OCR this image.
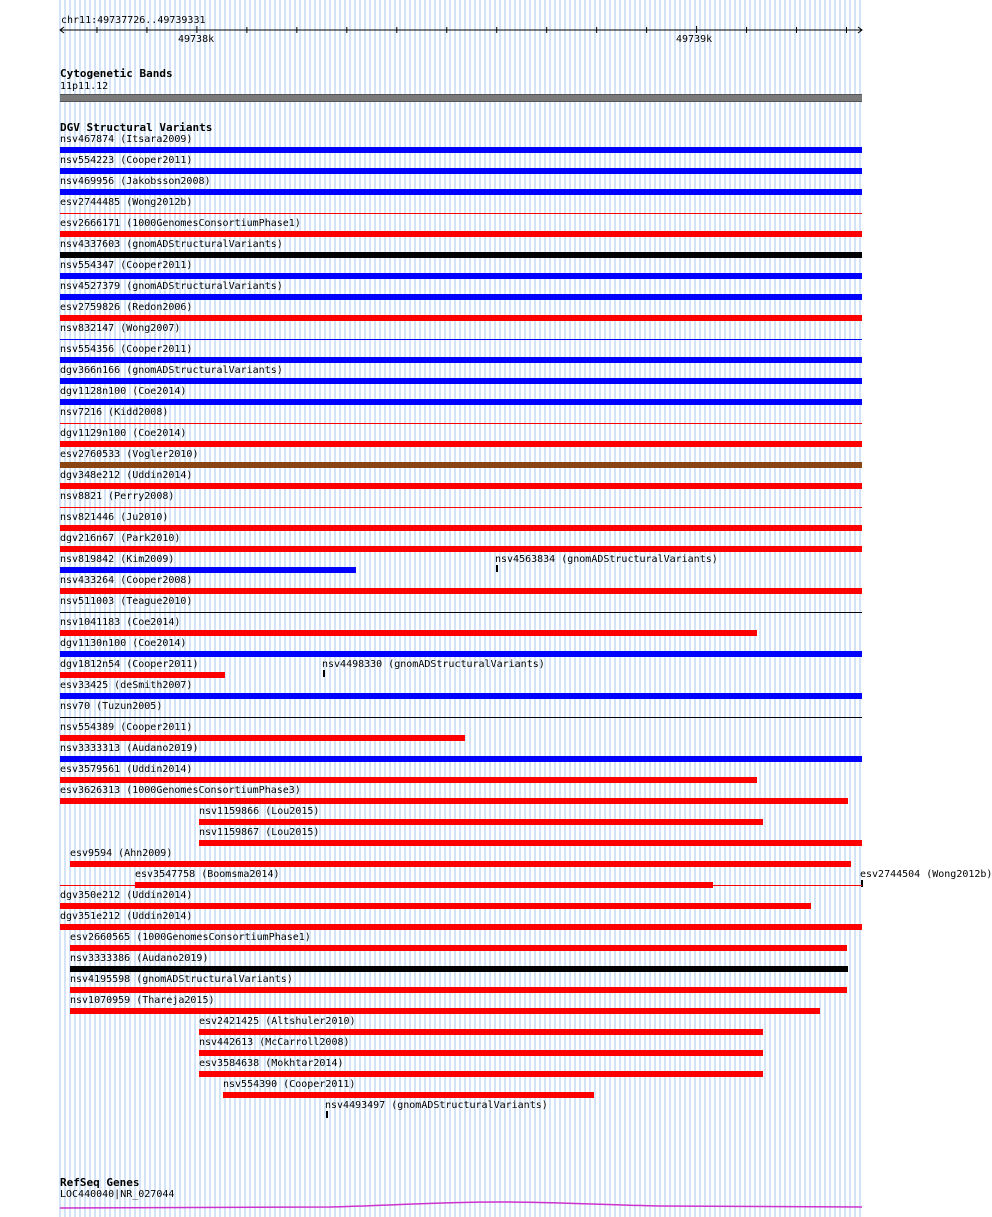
chr11:49737726..49739331
49738k	49739k
Cytogenetic Bands
11p11.12
DGV Structural Variants
nsv467874 (Itsara2009)
nsv554223 (Cooper2011)
nsv469956 (Jakobsson2008)
esv2744485 (Wong2012b)
esv2666171 (1000GenomesConsortiumPhase1)
nsv4337603 (gnomADStructuralVariants)
nsv554347 (Cooper2011)
nsv4527379 (gnomADStructuralVariants)
esv2759826 (Redon2006)
nsv832147 (Wong2007)
nsv554356 (Cooper2011)
dgv366n166 (gnomADStructuralVariants)
dgv1128n100 (Coe2014)
nsv7216 (Kidd2008)
dgv1129n100 (Coe2014)
esv2760533 (Vogler2010)
dgv348e212 (Uddin2014)
nsv8821 (Perry2008)
nsv821446 (Ju2010)
dgv216n67 (Park2010)
nsv819842 (Kim2009)	nsv4563834 (gnomADStructuralVariants)
nsv433264 (Cooper2008)
nsv511003 (Teague2010)
nsv1041183 (Coe2014)
dgv1130n100 (Coe2014)
dgv1812n54 (Cooper2011)	nsv4498330 (gnomADStructuralVariants)
esv33425 (deSmith2007)
nsv70 (Tuzun2005)
nsv554389 (Cooper2011)
nsv3333313 (Audano2019)
esv3579561 (Uddin2014)
esv3626313 (1000GenomesConsortiumPhase3)
nsv1159866 (Lou2015)
nsv1159867 (Lou2015)
esv9594 (Ahn2009)
esv3547758 (Boomsma2014)	esv2744504 (Wong2012b)
dgv350e212 (Uddin2014)
dgv351e212 (Uddin2014)
esv2660565 (1000GenomesConsortiumPhase1)
nsv3333386 (Audano2019)
nsv4195598 (gnomADStructuralVariants)
nsv1070959 (Thareja2015)
esv2421425 (Altshuler2010)
nsv442613 (McCarroll2008)
esv3584638 (Mokhtar2014)
nsv554390 (Cooper2011)
nsv4493497 (gnomADStructuralVariants)
RefSeq Genes
LOC440040|NR_027044
